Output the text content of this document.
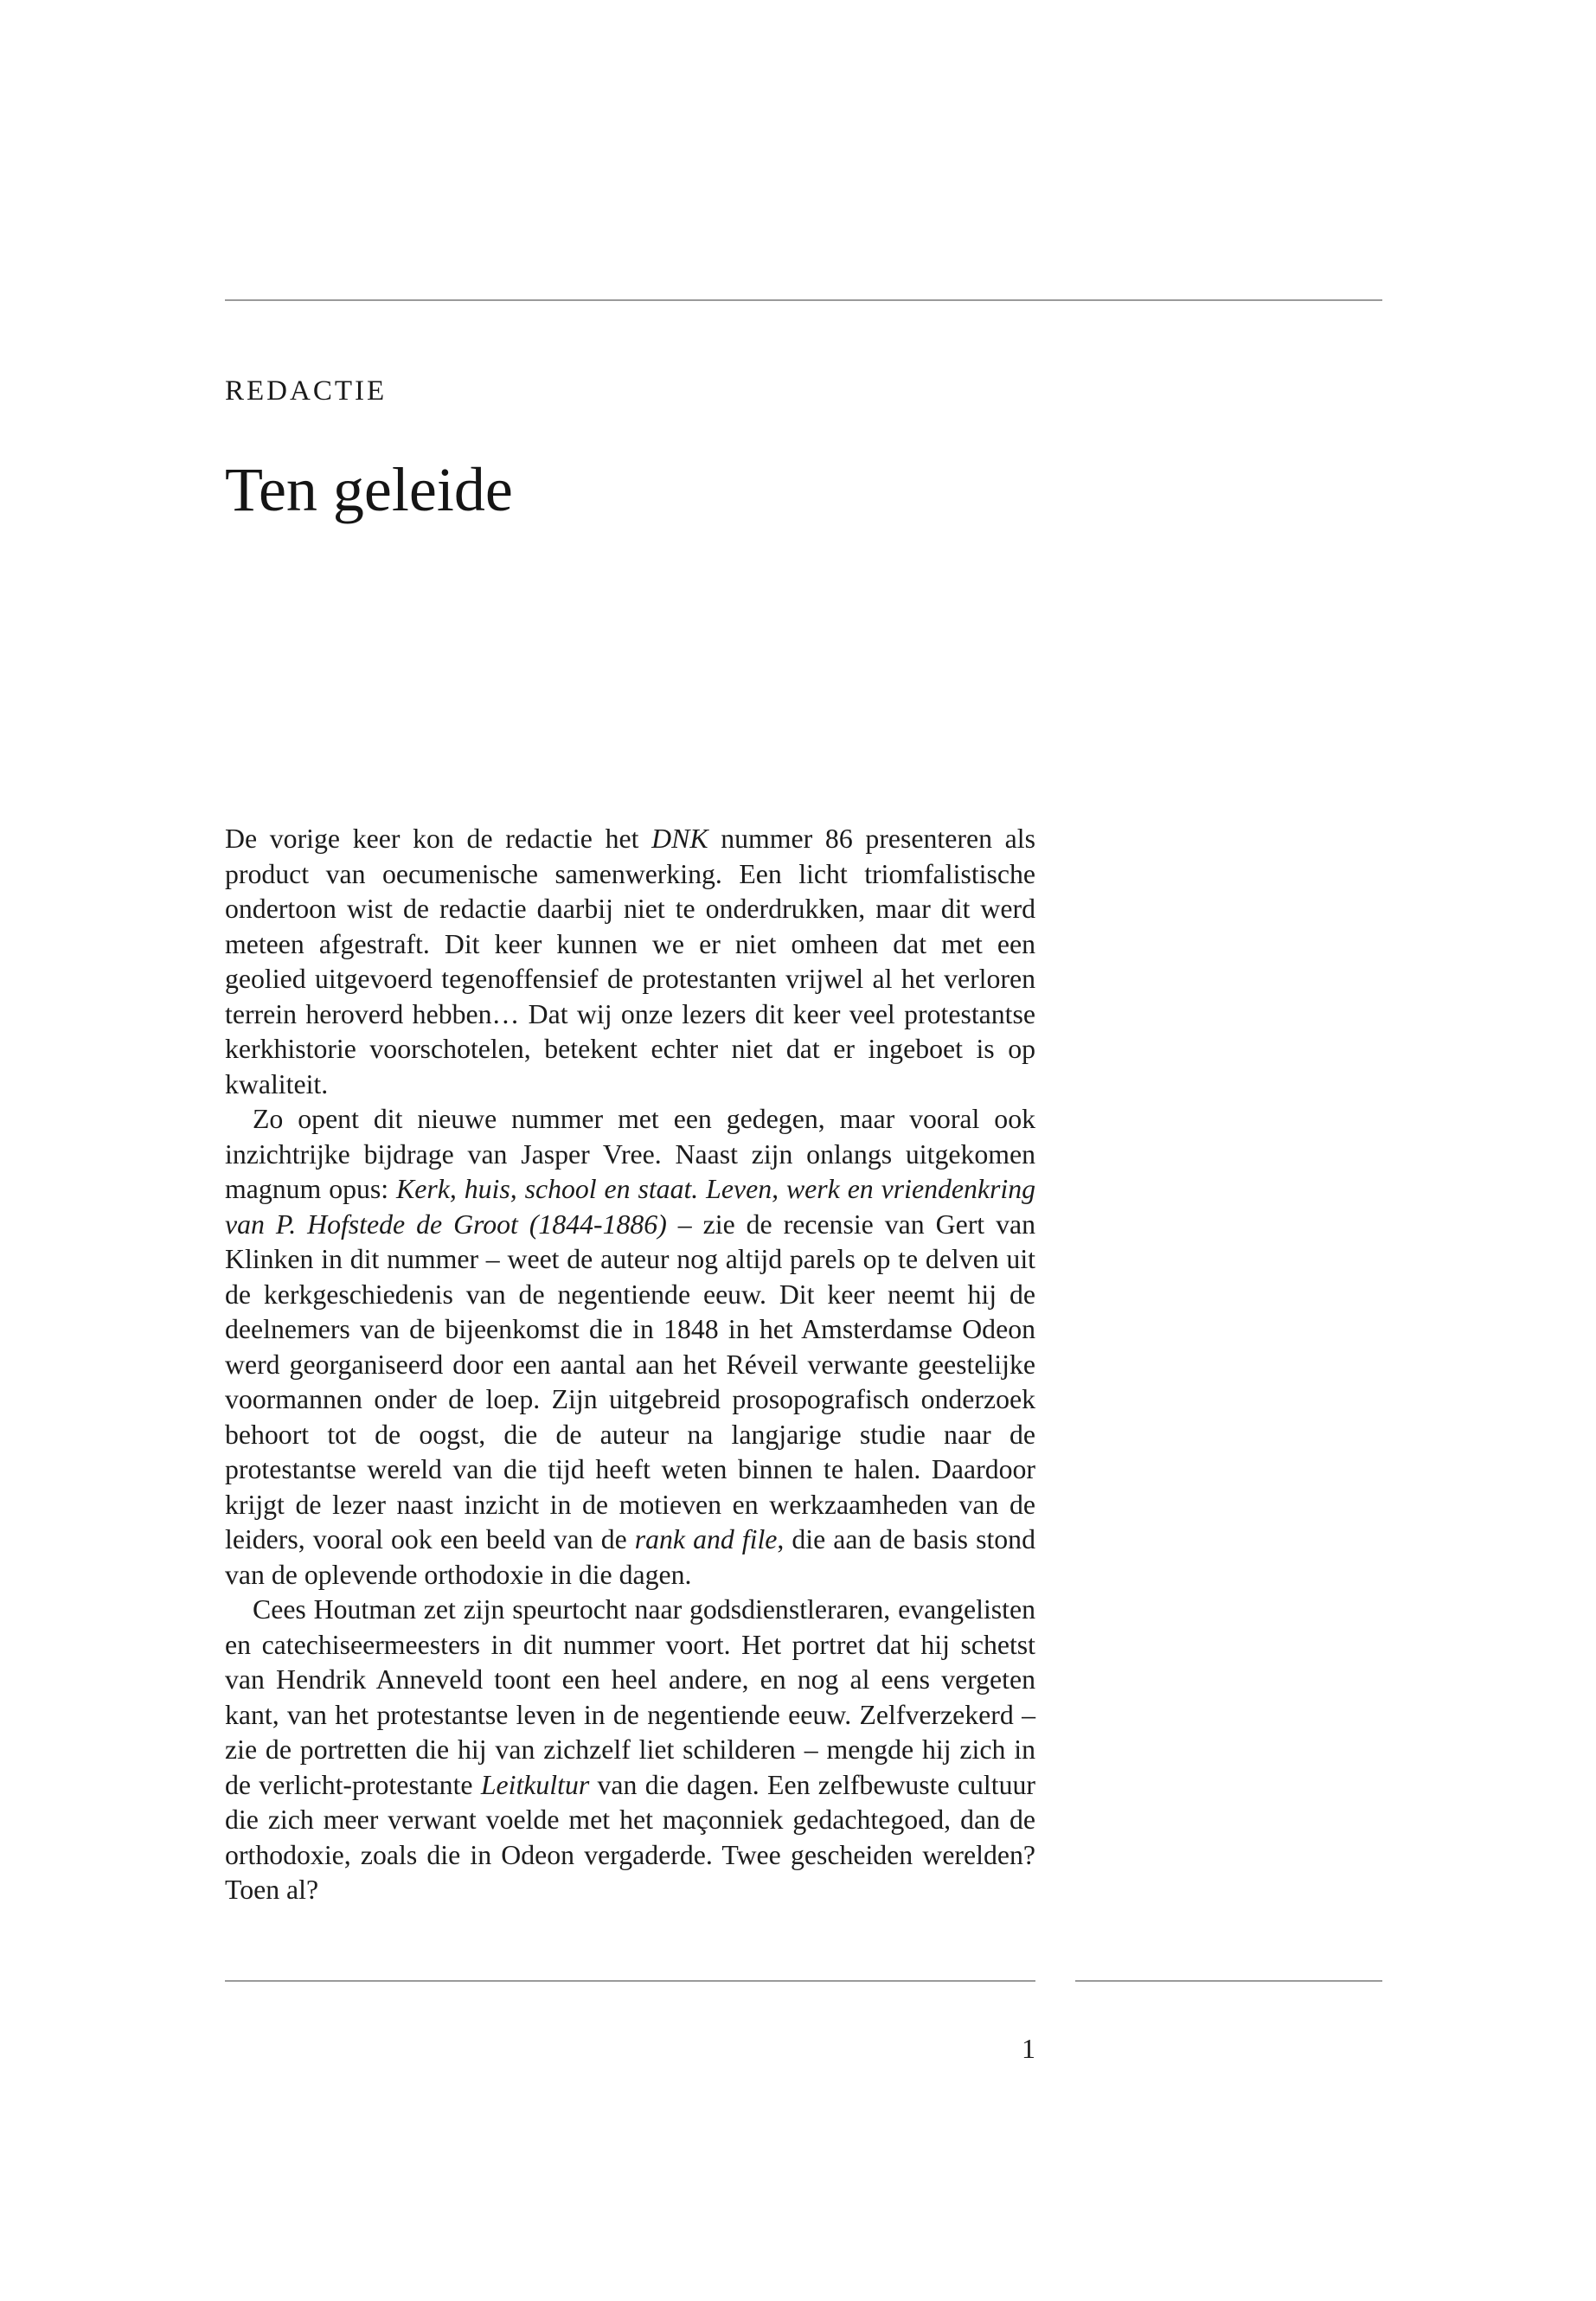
REDACTIE
Ten geleide

De vorige keer kon de redactie het DNK nummer 86 presenteren als product van oecumenische samenwerking. Een licht triomfalistische ondertoon wist de redactie daarbij niet te onderdrukken, maar dit werd meteen afgestraft. Dit keer kunnen we er niet omheen dat met een geolied uitgevoerd tegenoffensief de protestanten vrijwel al het verloren terrein heroverd hebben… Dat wij onze lezers dit keer veel protestantse kerkhistorie voorschotelen, betekent echter niet dat er ingeboet is op kwaliteit.

Zo opent dit nieuwe nummer met een gedegen, maar vooral ook inzichtrijke bijdrage van Jasper Vree. Naast zijn onlangs uitgekomen magnum opus: Kerk, huis, school en staat. Leven, werk en vriendenkring van P. Hofstede de Groot (1844-1886) – zie de recensie van Gert van Klinken in dit nummer – weet de auteur nog altijd parels op te delven uit de kerkgeschiedenis van de negentiende eeuw. Dit keer neemt hij de deelnemers van de bijeenkomst die in 1848 in het Amsterdamse Odeon werd georganiseerd door een aantal aan het Réveil verwante geestelijke voormannen onder de loep. Zijn uitgebreid prosopografisch onderzoek behoort tot de oogst, die de auteur na langjarige studie naar de protestantse wereld van die tijd heeft weten binnen te halen. Daardoor krijgt de lezer naast inzicht in de motieven en werkzaamheden van de leiders, vooral ook een beeld van de rank and file, die aan de basis stond van de oplevende orthodoxie in die dagen.

Cees Houtman zet zijn speurtocht naar godsdienstleraren, evangelisten en catechiseermeesters in dit nummer voort. Het portret dat hij schetst van Hendrik Anneveld toont een heel andere, en nog al eens vergeten kant, van het protestantse leven in de negentiende eeuw. Zelfverzekerd – zie de portretten die hij van zichzelf liet schilderen – mengde hij zich in de verlicht-protestante Leitkultur van die dagen. Een zelfbewuste cultuur die zich meer verwant voelde met het maçonniek gedachtegoed, dan de orthodoxie, zoals die in Odeon vergaderde. Twee gescheiden werelden? Toen al?

1
